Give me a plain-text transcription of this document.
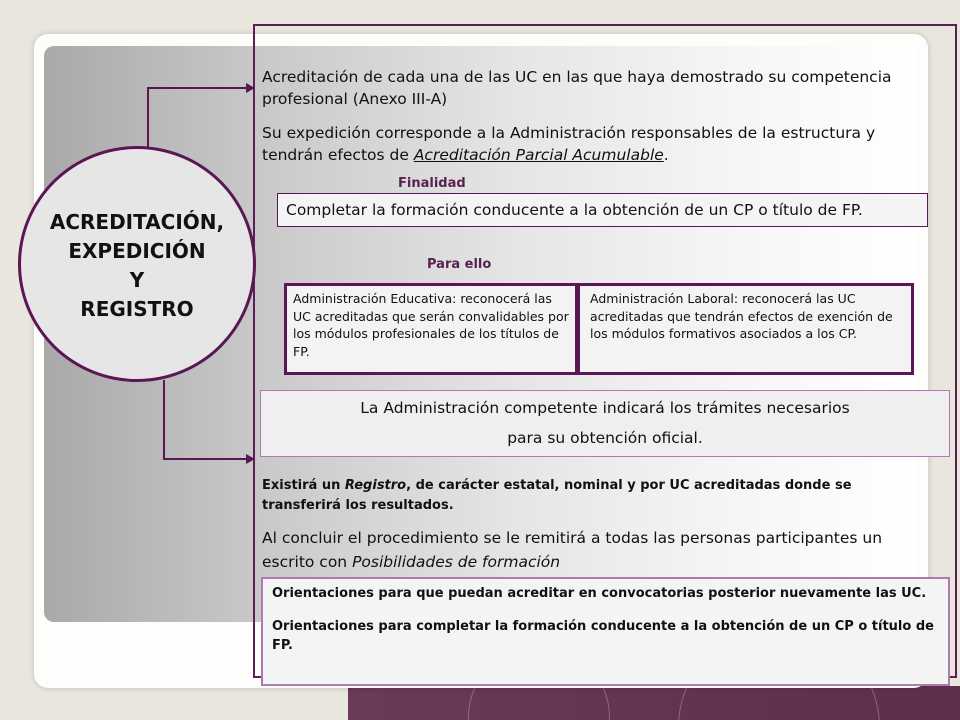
ACREDITACIÓN,
EXPEDICIÓN
Y
REGISTRO
Acreditación de cada una de las UC en las que haya demostrado su competencia profesional (Anexo III-A)
Su expedición corresponde a la Administración responsables de la estructura y tendrán efectos de Acreditación Parcial Acumulable.
Finalidad
Completar la formación conducente a la obtención de un CP o título de FP.
Para ello
Administración Educativa: reconocerá las UC acreditadas que serán convalidables por los módulos profesionales de los títulos de FP.
Administración Laboral: reconocerá las UC acreditadas que tendrán efectos de exención de los módulos formativos asociados a los CP.
La Administración competente indicará los trámites necesarios
para su obtención oficial.
Existirá un Registro, de carácter estatal, nominal y por UC acreditadas donde se transferirá los resultados.
Al concluir el procedimiento se le remitirá a todas las personas participantes un escrito con Posibilidades de formación
Orientaciones para que puedan acreditar en convocatorias posterior nuevamente las UC.
Orientaciones para completar la formación conducente a la obtención de un CP o título de FP.
